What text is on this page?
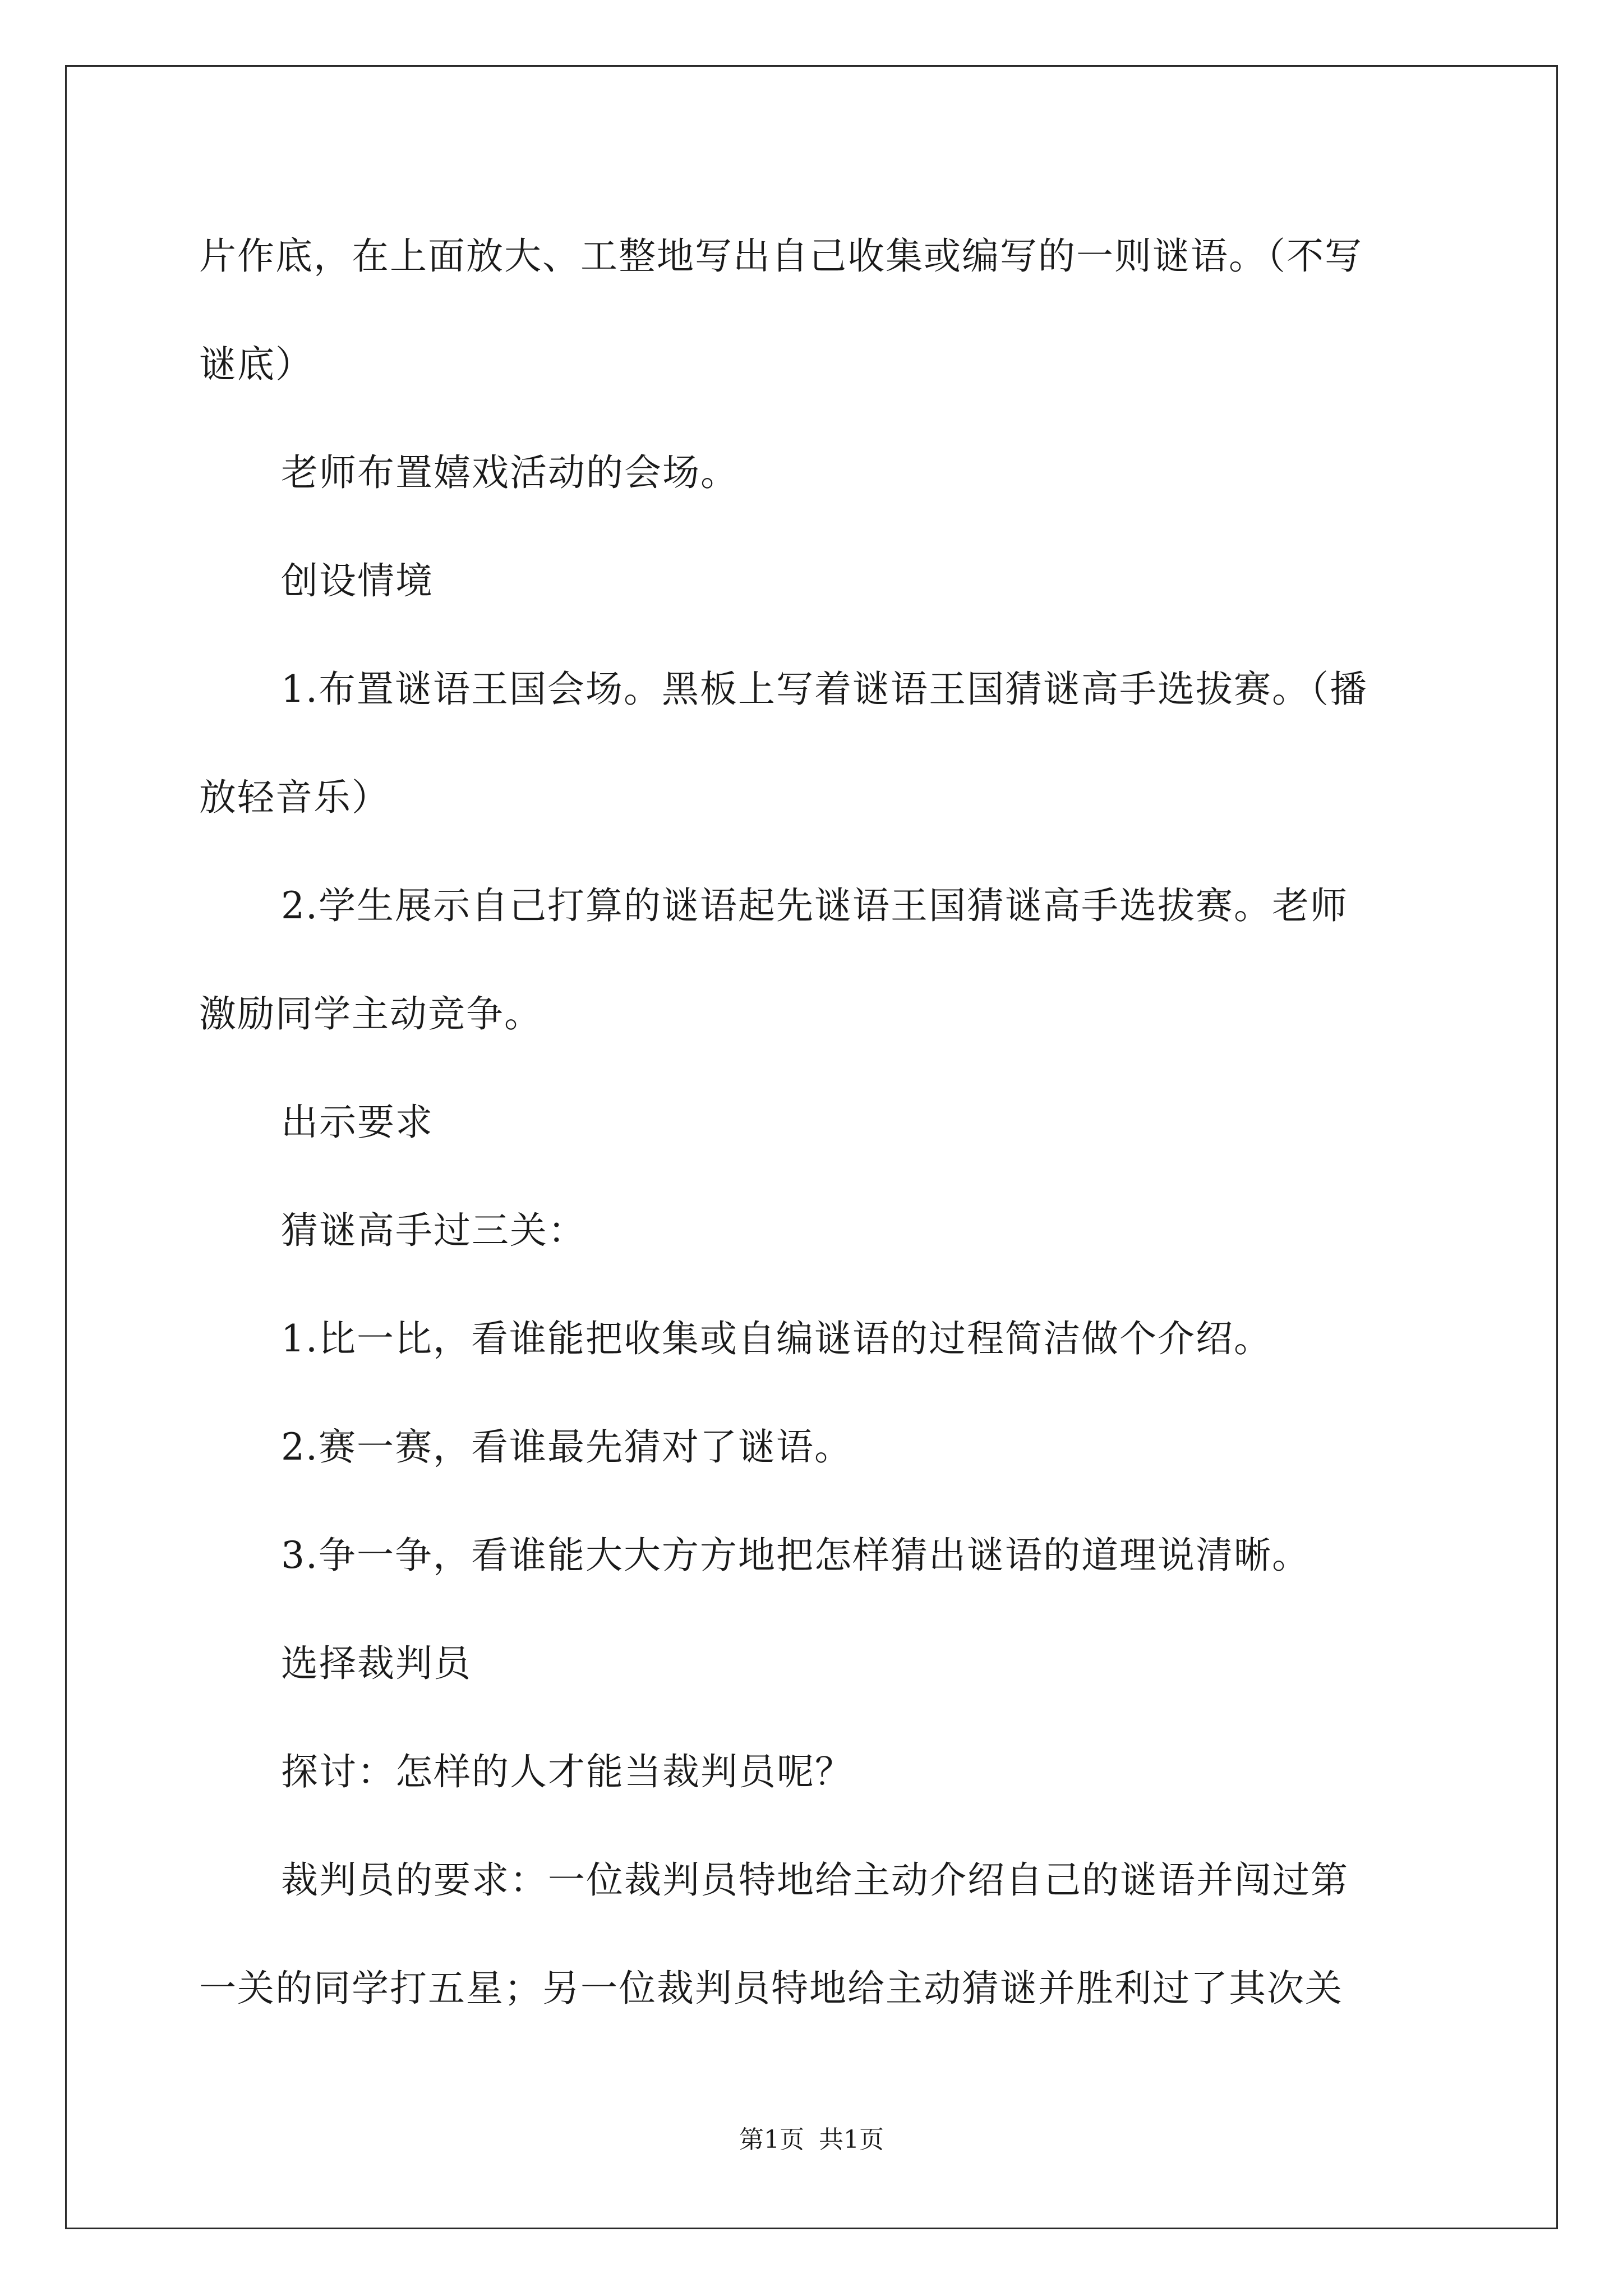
片作底，在上面放大、工整地写出自己收集或编写的一则谜语。（不写

谜底）

老师布置嬉戏活动的会场。

创设情境

1.布置谜语王国会场。黑板上写着谜语王国猜谜高手选拔赛。（播

放轻音乐）

2.学生展示自己打算的谜语起先谜语王国猜谜高手选拔赛。老师

激励同学主动竞争。

出示要求

猜谜高手过三关：

1.比一比，看谁能把收集或自编谜语的过程简洁做个介绍。

2.赛一赛，看谁最先猜对了谜语。

3.争一争，看谁能大大方方地把怎样猜出谜语的道理说清晰。

选择裁判员

探讨：怎样的人才能当裁判员呢？

裁判员的要求：一位裁判员特地给主动介绍自己的谜语并闯过第

一关的同学打五星；另一位裁判员特地给主动猜谜并胜利过了其次关

第1页 共1页
